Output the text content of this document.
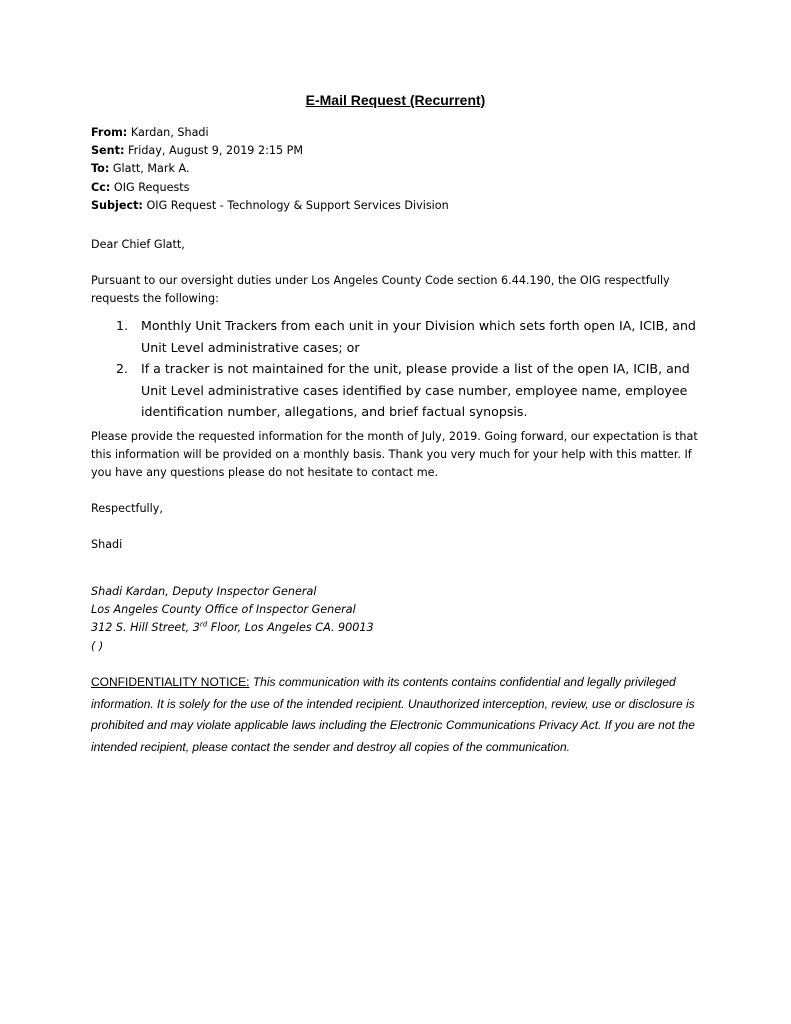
E-Mail Request (Recurrent)
From: Kardan, Shadi
Sent: Friday, August 9, 2019 2:15 PM
To: Glatt, Mark A.
Cc: OIG Requests
Subject: OIG Request - Technology & Support Services Division
Dear Chief Glatt,
Pursuant to our oversight duties under Los Angeles County Code section 6.44.190, the OIG respectfully requests the following:
1. Monthly Unit Trackers from each unit in your Division which sets forth open IA, ICIB, and Unit Level administrative cases; or
2. If a tracker is not maintained for the unit, please provide a list of the open IA, ICIB, and Unit Level administrative cases identified by case number, employee name, employee identification number, allegations, and brief factual synopsis.
Please provide the requested information for the month of July, 2019. Going forward, our expectation is that this information will be provided on a monthly basis. Thank you very much for your help with this matter. If you have any questions please do not hesitate to contact me.
Respectfully,
Shadi
Shadi Kardan, Deputy Inspector General
Los Angeles County Office of Inspector General
312 S. Hill Street, 3rd Floor, Los Angeles CA. 90013
( )
CONFIDENTIALITY NOTICE: This communication with its contents contains confidential and legally privileged information. It is solely for the use of the intended recipient. Unauthorized interception, review, use or disclosure is prohibited and may violate applicable laws including the Electronic Communications Privacy Act. If you are not the intended recipient, please contact the sender and destroy all copies of the communication.
